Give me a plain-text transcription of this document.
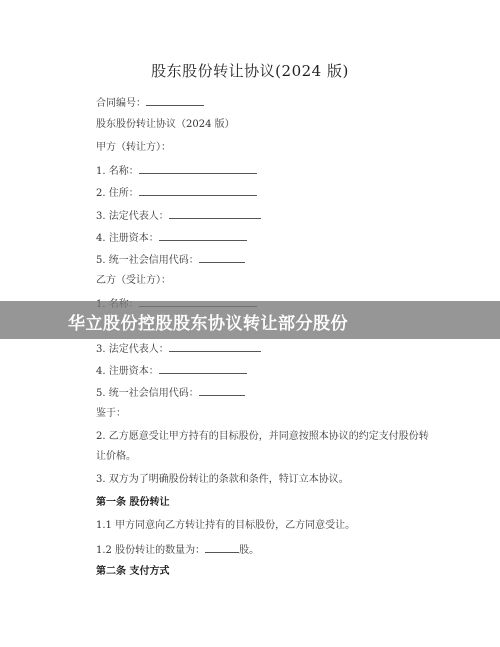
股东股份转让协议(2024 版)
合同编号：
股东股份转让协议（2024 版）
甲方（转让方）：
1. 名称：
2. 住所：
3. 法定代表人：
4. 注册资本：
5. 统一社会信用代码：
乙方（受让方）：
华立股份控股股东协议转让部分股份
3. 法定代表人：
4. 注册资本：
5. 统一社会信用代码：
鉴于：
2. 乙方愿意受让甲方持有的目标股份，并同意按照本协议的约定支付股份转让价格。
3. 双方为了明确股份转让的条款和条件，特订立本协议。
第一条 股份转让
1.1 甲方同意向乙方转让持有的目标股份，乙方同意受让。
1.2 股份转让的数量为：	股。
第二条 支付方式
